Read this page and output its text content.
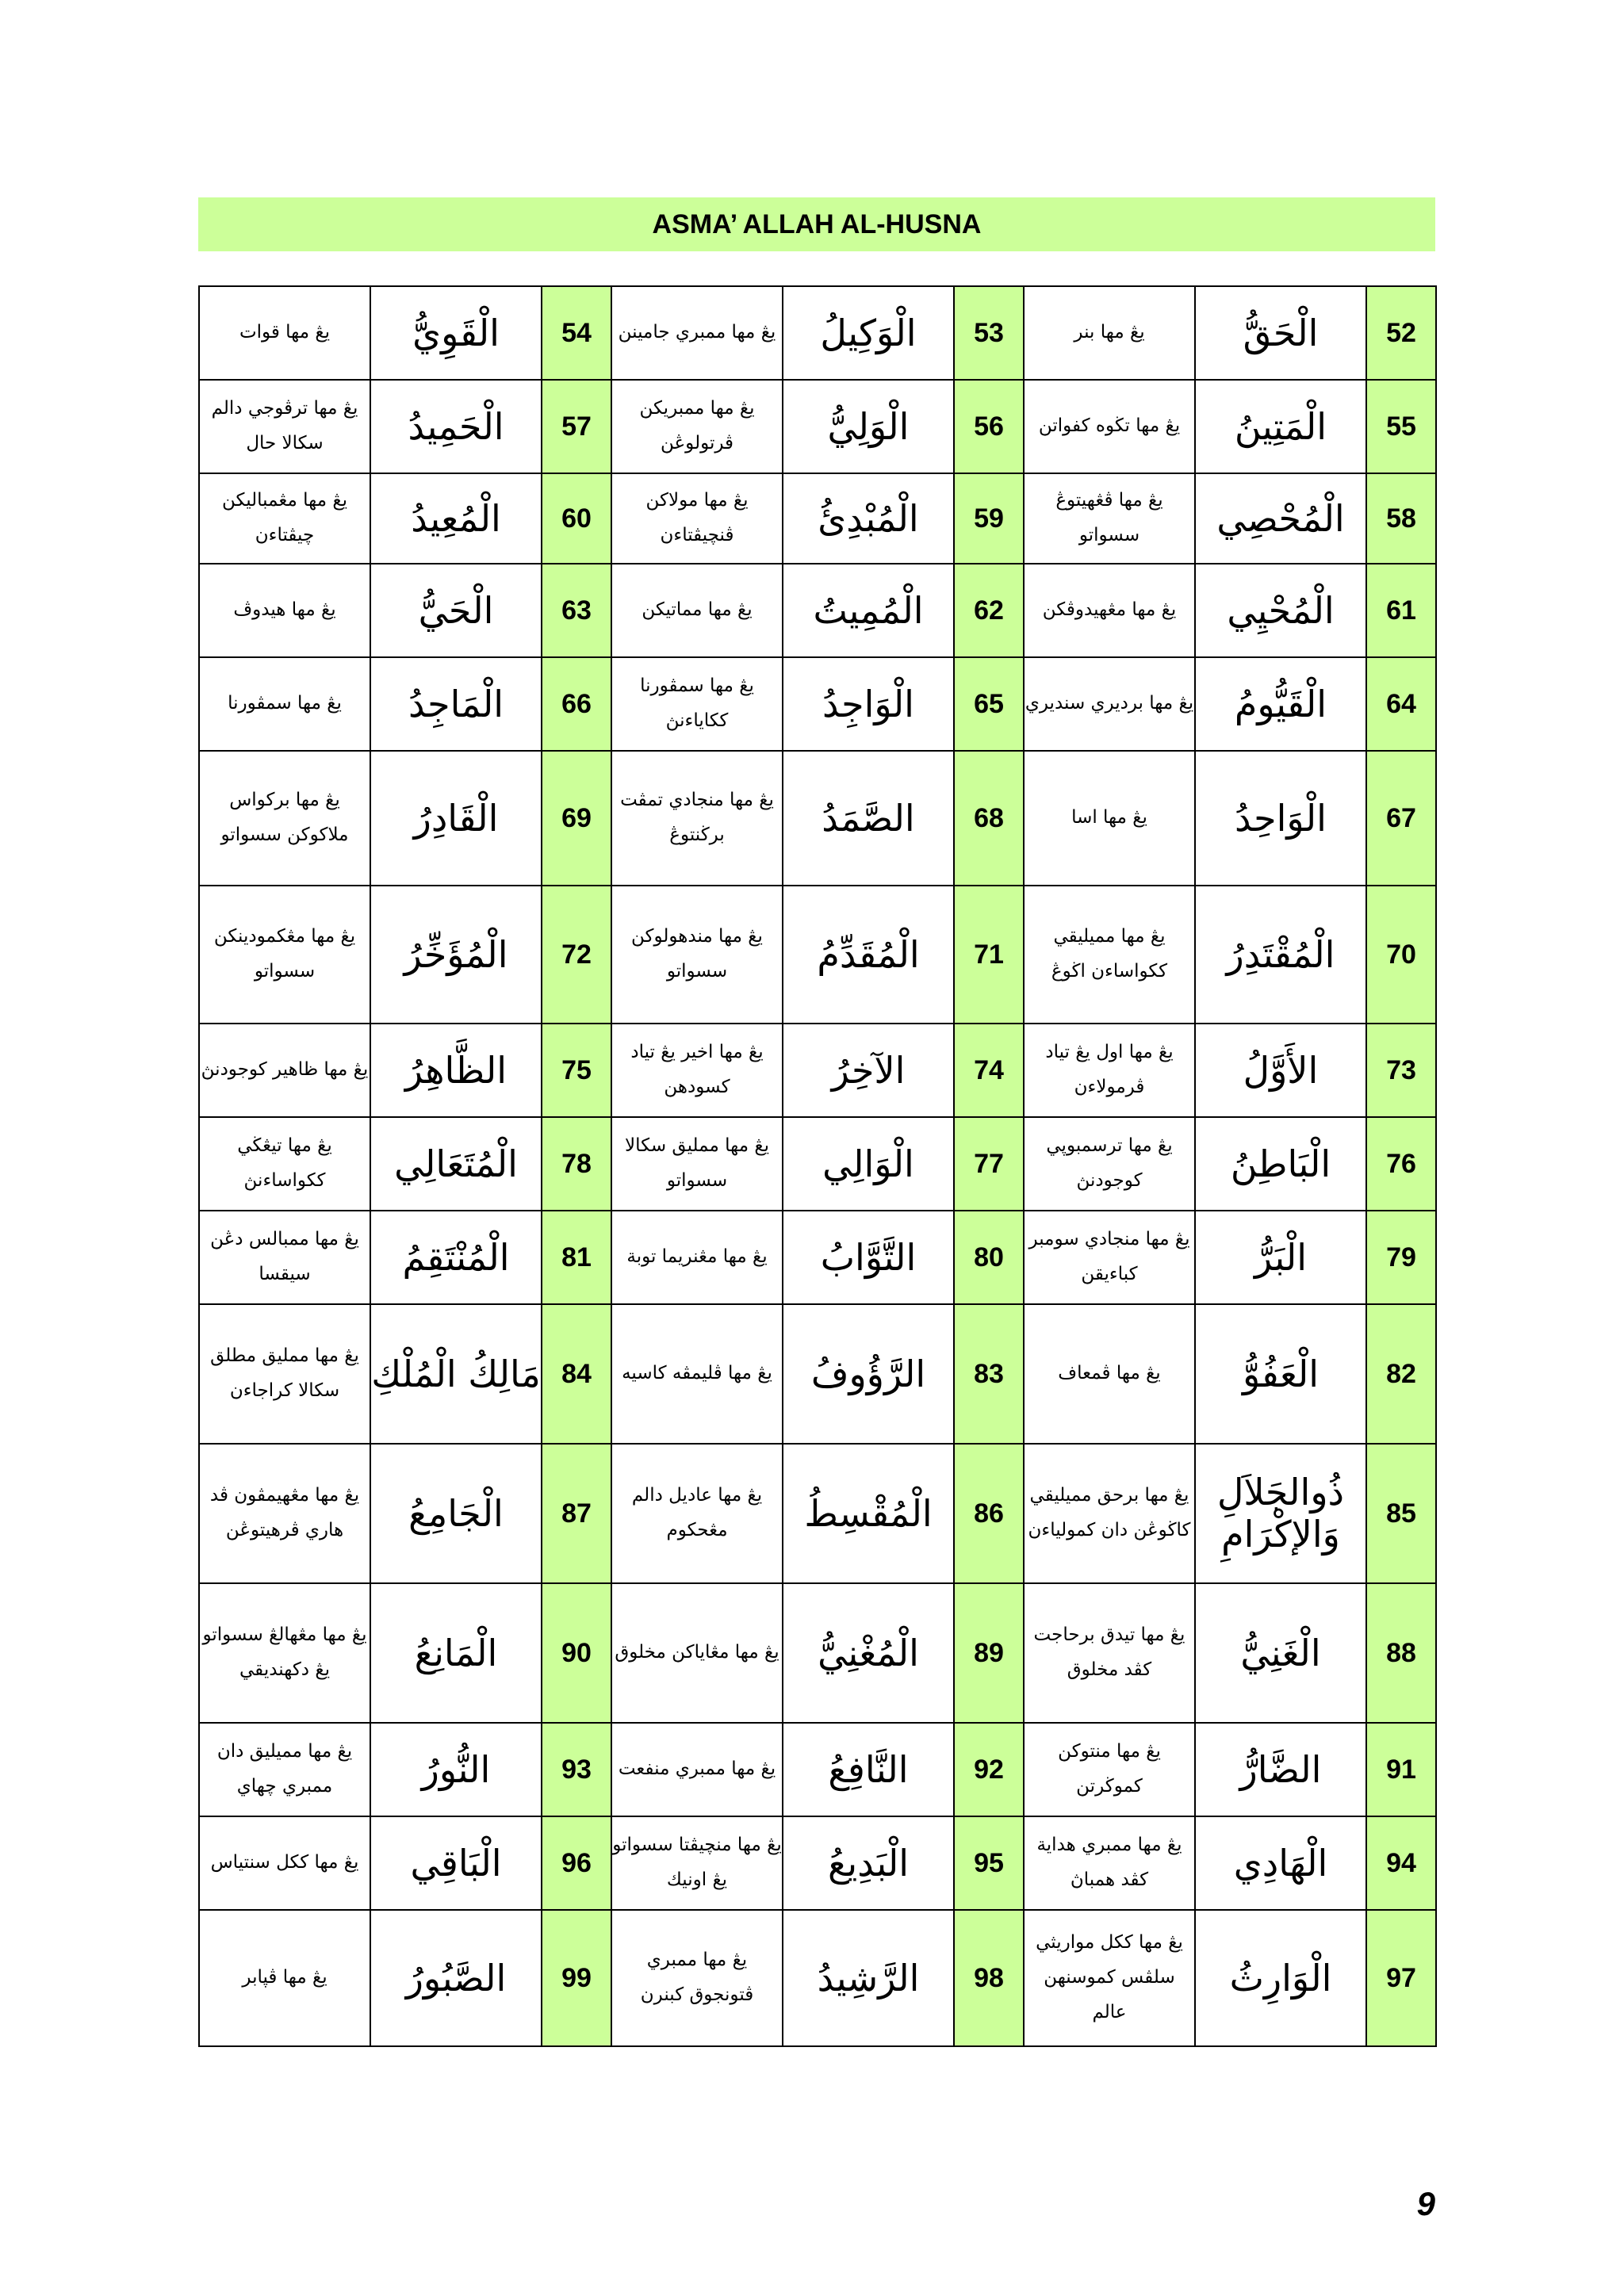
ASMA’ ALLAH AL-HUSNA
يڠ مها قوات	الْقَوِيُّ	54	يڠ مها ممبري جامينن	الْوَكِيلُ	53	يڠ مها بنر	الْحَقُّ	52
يڠ مها ترڤوجي دالم سكالا حال	الْحَمِيدُ	57	يڠ مها ممبريكن ڤرتولوڠن	الْوَلِيُّ	56	يڠ مها تڬوه كفواتن	الْمَتِينُ	55
يڠ مها مڠمباليكن چيڤتاءن	الْمُعِيدُ	60	يڠ مها مولاكن ڤنچيڤتاءن	الْمُبْدِئُ	59	يڠ مها ڤڠهيتوڠ سسواتو	الْمُحْصِي	58
يڠ مها هيدوڤ	الْحَيُّ	63	يڠ مها مماتيكن	الْمُمِيتُ	62	يڠ مها مڠهيدوڤكن	الْمُحْيِي	61
يڠ مها سمڤورنا	الْمَاجِدُ	66	يڠ مها سمڤورنا ككاياءنڽ	الْوَاجِدُ	65	يڠ مها برديري سنديري	الْقَيُّومُ	64
يڠ مها بركواس ملاكوكن سسواتو	الْقَادِرُ	69	يڠ مها منجادي تمڤت برڬنتوڠ	الصَّمَدُ	68	يڠ مها اسا	الْوَاحِدُ	67
يڠ مها مڠكمودينكن سسواتو	الْمُؤَخِّرُ	72	يڠ مها مندهولوكن سسواتو	الْمُقَدِّمُ	71	يڠ مها مميليقي ككواساءن اڬوڠ	الْمُقْتَدِرُ	70
يڠ مها ظاهير كوجودنڽ	الظَّاهِرُ	75	يڠ مها اخير يڠ تياد كسودهن	الآخِرُ	74	يڠ مها اول يڠ تياد ڤرمولاءن	الأَوَّلُ	73
يڠ مها تيڠڬي ككواساءنڽ	الْمُتَعَالِي	78	يڠ مها ممليق سكالا سسواتو	الْوَالِي	77	يڠ مها ترسمبوڽي كوجودنڽ	الْبَاطِنُ	76
يڠ مها ممبالس دڠن سيقسا	الْمُنْتَقِمُ	81	يڠ مها مڠنريما توبة	التَّوَّابُ	80	يڠ مها منجادي سومبر كباءيقن	الْبَرُّ	79
يڠ مها ممليق مطلق سكالا كراجاءن	مَالِكُ الْمُلْكِ	84	يڠ مها ڤليمڤه كاسيه	الرَّؤُوفُ	83	يڠ مها ڤمعاف	الْعَفُوُّ	82
يڠ مها مڠهيمڤون ڤد هاري ڤرهيتوڠن	الْجَامِعُ	87	يڠ مها عاديل دالم مڠحكوم	الْمُقْسِطُ	86	يڠ مها برحق مميليقي كاڬوڠن دان كمولياءن	ذُوالجَلاَلِ وَالإكْرَامِ	85
يڠ مها مڠهالڠ سسواتو يڠ دكهنديقي	الْمَانِعُ	90	يڠ مها مڠاياكن مخلوق	الْمُغْنِيُّ	89	يڠ مها تيدق برحاجت كڤد مخلوق	الْغَنِيُّ	88
يڠ مها مميليق دان ممبري چهاي	النُّورُ	93	يڠ مها ممبري منفعت	النَّافِعُ	92	يڠ مها منتوكن كموڬرتن	الضَّارُّ	91
يڠ مها ككل سنتياس	الْبَاقِي	96	يڠ مها منچيڤتا سسواتو يڠ اونيك	الْبَدِيعُ	95	يڠ مها ممبري هداية كڤد همباڽ	الْهَادِي	94
يڠ مها ڤڽابر	الصَّبُورُ	99	يڠ مها ممبري ڤتونجوق كبنرن	الرَّشِيدُ	98	يڠ مها ككل مواريثي سلڤس كموسنهن عالم	الْوَارِثُ	97
9
